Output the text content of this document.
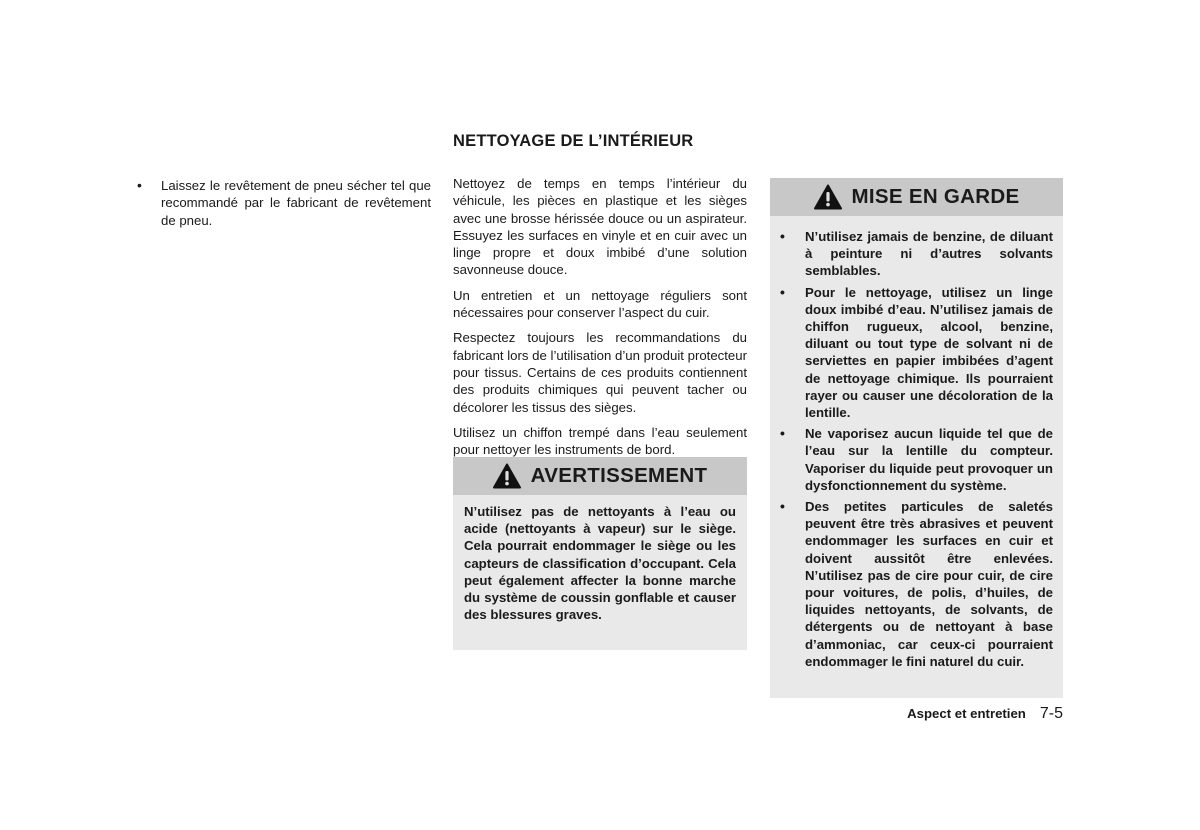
• Laissez le revêtement de pneu sécher tel que recommandé par le fabricant de revêtement de pneu.
NETTOYAGE DE L’INTÉRIEUR

Nettoyez de temps en temps l’intérieur du véhicule, les pièces en plastique et les sièges avec une brosse hérissée douce ou un aspirateur. Essuyez les surfaces en vinyle et en cuir avec un linge propre et doux imbibé d’une solution savonneuse douce.

Un entretien et un nettoyage réguliers sont nécessaires pour conserver l’aspect du cuir.

Respectez toujours les recommandations du fabricant lors de l’utilisation d’un produit protecteur pour tissus. Certains de ces produits contiennent des produits chimiques qui peuvent tacher ou décolorer les tissus des sièges.

Utilisez un chiffon trempé dans l’eau seulement pour nettoyer les instruments de bord.

AVERTISSEMENT
N’utilisez pas de nettoyants à l’eau ou acide (nettoyants à vapeur) sur le siège. Cela pourrait endommager le siège ou les capteurs de classification d’occupant. Cela peut également affecter la bonne marche du système de coussin gonflable et causer des blessures graves.
MISE EN GARDE
• N’utilisez jamais de benzine, de diluant à peinture ni d’autres solvants semblables.
• Pour le nettoyage, utilisez un linge doux imbibé d’eau. N’utilisez jamais de chiffon rugueux, alcool, benzine, diluant ou tout type de solvant ni de serviettes en papier imbibées d’agent de nettoyage chimique. Ils pourraient rayer ou causer une décoloration de la lentille.
• Ne vaporisez aucun liquide tel que de l’eau sur la lentille du compteur. Vaporiser du liquide peut provoquer un dysfonctionnement du système.
• Des petites particules de saletés peuvent être très abrasives et peuvent endommager les surfaces en cuir et doivent aussitôt être enlevées. N’utilisez pas de cire pour cuir, de cire pour voitures, de polis, d’huiles, de liquides nettoyants, de solvants, de détergents ou de nettoyant à base d’ammoniac, car ceux-ci pourraient endommager le fini naturel du cuir.
Aspect et entretien 7-5
